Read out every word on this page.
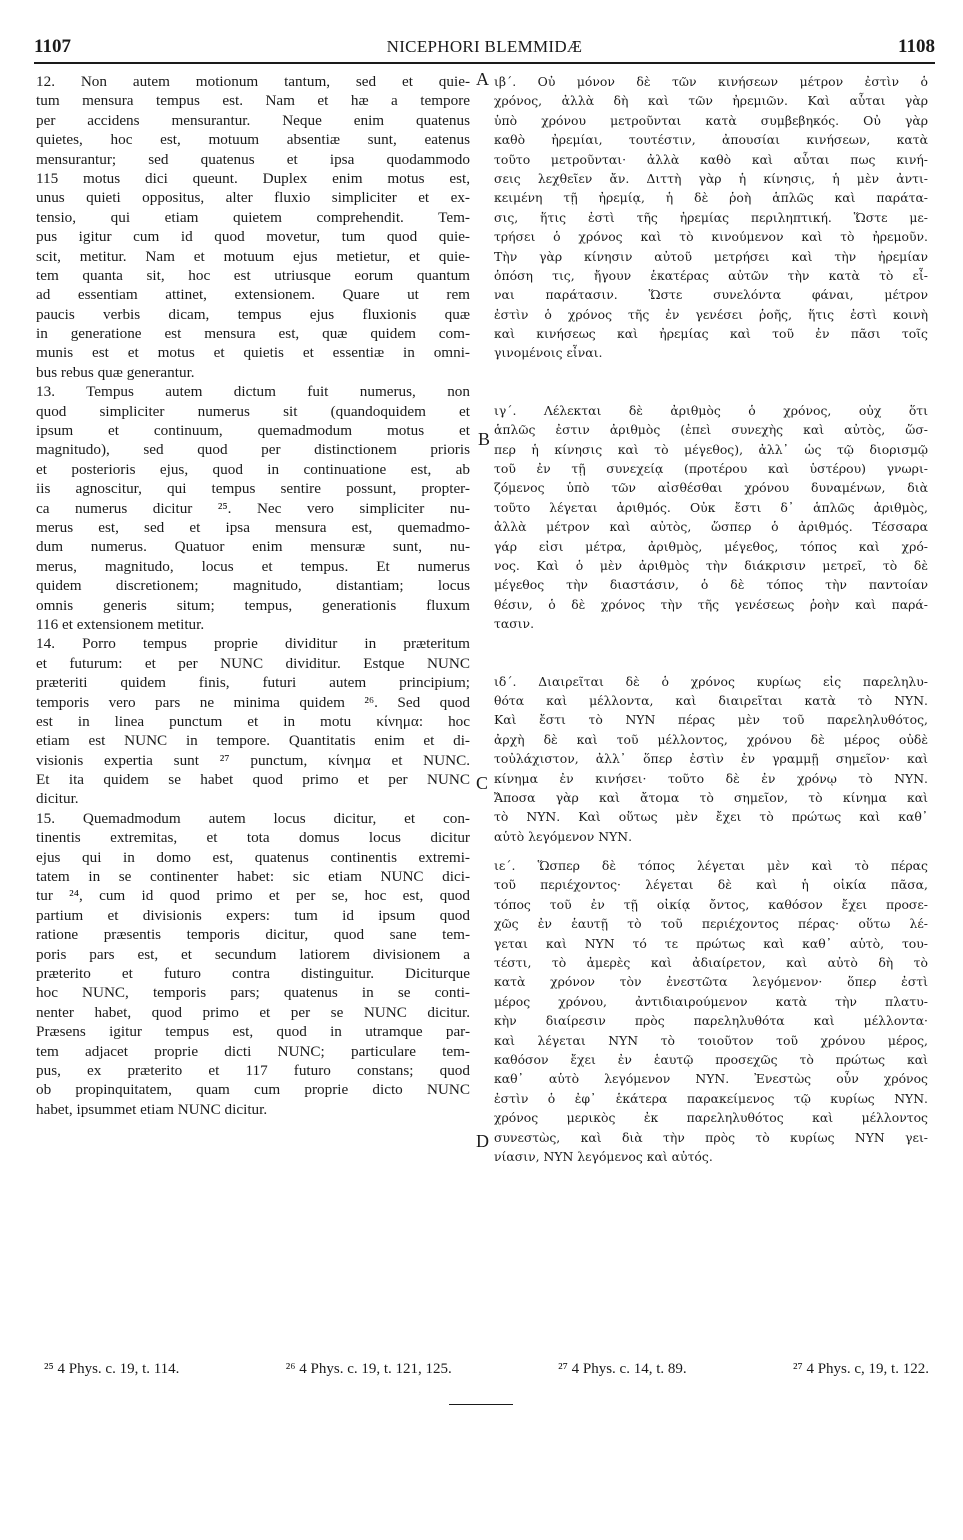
1107	NICEPHORI BLEMMIDÆ	1108
12. Non autem motionum tantum, sed et quie-
tum mensura tempus est. Nam et hæ a tempore
per accidens mensurantur. Neque enim quatenus
quietes, hoc est, motuum absentiæ sunt, eatenus
mensurantur; sed quatenus et ipsa quodammodo
115 motus dici queunt. Duplex enim motus est,
unus quieti oppositus, alter fluxio simpliciter et ex-
tensio, qui etiam quietem comprehendit. Tem-
pus igitur cum id quod movetur, tum quod quie-
scit, metitur. Nam et motuum ejus metietur, et quie-
tem quanta sit, hoc est utriusque eorum quantum
ad essentiam attinet, extensionem. Quare ut rem
paucis verbis dicam, tempus ejus fluxionis quæ
in generatione est mensura est, quæ quidem com-
munis est et motus et quietis et essentiæ in omni-
bus rebus quæ generantur.
13. Tempus autem dictum fuit numerus, non
quod simpliciter numerus sit (quandoquidem et
ipsum et continuum, quemadmodum motus et
magnitudo), sed quod per distinctionem prioris
et posterioris ejus, quod in continuatione est, ab
iis agnoscitur, qui tempus sentire possunt, propter-
ca numerus dicitur ²⁵. Nec vero simpliciter nu-
merus est, sed et ipsa mensura est, quemadmo-
dum numerus. Quatuor enim mensuræ sunt, nu-
merus, magnitudo, locus et tempus. Et numerus
quidem discretionem; magnitudo, distantiam; locus
omnis generis situm; tempus, generationis fluxum
116 et extensionem metitur.
14. Porro tempus proprie dividitur in præteritum
et futurum: et per NUNC dividitur. Estque NUNC
præteriti quidem finis, futuri autem principium;
temporis vero pars ne minima quidem ²⁶. Sed quod
est in linea punctum et in motu κίνημα: hoc
etiam est NUNC in tempore. Quantitatis enim et di-
visionis expertia sunt ²⁷ punctum, κίνημα et NUNC.
Et ita quidem se habet quod primo et per NUNC
dicitur.
15. Quemadmodum autem locus dicitur, et con-
tinentis extremitas, et tota domus locus dicitur
ejus qui in domo est, quatenus continentis extremi-
tatem in se continenter habet: sic etiam NUNC dici-
tur ²⁴, cum id quod primo et per se, hoc est, quod
partium et divisionis expers: tum id ipsum quod
ratione præsentis temporis dicitur, quod sane tem-
poris pars est, et secundum latiorem divisionem a
præterito et futuro contra distinguitur. Diciturque
hoc NUNC, temporis pars; quatenus in se conti-
nenter habet, quod primo et per se NUNC dicitur.
Præsens igitur tempus est, quod in utramque par-
tem adjacet proprie dicti NUNC; particulare tem-
pus, ex præterito et 117 futuro constans; quod
ob propinquitatem, quam cum proprie dicto NUNC
habet, ipsummet etiam NUNC dicitur.
ιβ΄. Οὐ μόνον δὲ τῶν κινήσεων μέτρον ἐστὶν ὁ
χρόνος, ἀλλὰ δὴ καὶ τῶν ἠρεμιῶν. Καὶ αὗται γὰρ
ὑπὸ χρόνου μετροῦνται κατὰ συμβεβηκός. Οὐ γὰρ
καθὸ ἠρεμίαι, τουτέστιν, ἀπουσίαι κινήσεων, κατὰ
τοῦτο μετροῦνται· ἀλλὰ καθὸ καὶ αὗται πως κινή-
σεις λεχθεῖεν ἄν. Διττὴ γὰρ ἡ κίνησις, ἡ μὲν ἀντι-
κειμένη τῇ ἠρεμίᾳ, ἡ δὲ ῥοὴ ἁπλῶς καὶ παράτα-
σις, ἥτις ἐστὶ τῆς ἠρεμίας περιληπτική. Ὥστε με-
τρήσει ὁ χρόνος καὶ τὸ κινούμενον καὶ τὸ ἠρεμοῦν.
Τὴν γὰρ κίνησιν αὐτοῦ μετρήσει καὶ τὴν ἠρεμίαν
ὁπόση τις, ἤγουν ἑκατέρας αὐτῶν τὴν κατὰ τὸ εἶ-
ναι παράτασιν. Ὥστε συνελόντα φάναι, μέτρον
ἐστὶν ὁ χρόνος τῆς ἐν γενέσει ῥοῆς, ἥτις ἐστὶ κοινὴ
καὶ κινήσεως καὶ ἠρεμίας καὶ τοῦ ἐν πᾶσι τοῖς
γινομένοις εἶναι.
ιγ΄. Λέλεκται δὲ ἀριθμὸς ὁ χρόνος, οὐχ ὅτι
ἁπλῶς ἐστιν ἀριθμὸς (ἐπεὶ συνεχὴς καὶ αὐτὸς, ὥσ-
περ ἡ κίνησις καὶ τὸ μέγεθος), ἀλλ᾿ ὡς τῷ διορισμῷ
τοῦ ἐν τῇ συνεχείᾳ (προτέρου καὶ ὑστέρου) γνωρι-
ζόμενος ὑπὸ τῶν αἰσθέσθαι χρόνου δυναμένων, διὰ
τοῦτο λέγεται ἀριθμός. Οὐκ ἔστι δ᾿ ἁπλῶς ἀριθμὸς,
ἀλλὰ μέτρον καὶ αὐτὸς, ὥσπερ ὁ ἀριθμός. Τέσσαρα
γάρ εἰσι μέτρα, ἀριθμὸς, μέγεθος, τόπος καὶ χρό-
νος. Καὶ ὁ μὲν ἀριθμὸς τὴν διάκρισιν μετρεῖ, τὸ δὲ
μέγεθος τὴν διαστάσιν, ὁ δὲ τόπος τὴν παντοίαν
θέσιν, ὁ δὲ χρόνος τὴν τῆς γενέσεως ῥοὴν καὶ παρά-
τασιν.
ιδ΄. Διαιρεῖται δὲ ὁ χρόνος κυρίως εἰς παρεληλυ-
θότα καὶ μέλλοντα, καὶ διαιρεῖται κατὰ τὸ ΝΥΝ.
Καὶ ἔστι τὸ ΝΥΝ πέρας μὲν τοῦ παρεληλυθότος,
ἀρχὴ δὲ καὶ τοῦ μέλλοντος, χρόνου δὲ μέρος οὐδὲ
τοὐλάχιστον, ἀλλ᾿ ὅπερ ἐστὶν ἐν γραμμῇ σημεῖον· καὶ
κίνημα ἐν κινήσει· τοῦτο δὲ ἐν χρόνῳ τὸ ΝΥΝ.
Ἄποσα γὰρ καὶ ἄτομα τὸ σημεῖον, τὸ κίνημα καὶ
τὸ ΝΥΝ. Καὶ οὕτως μὲν ἔχει τὸ πρώτως καὶ καθ᾿
αὑτὸ λεγόμενον ΝΥΝ.
ιε΄. Ὥσπερ δὲ τόπος λέγεται μὲν καὶ τὸ πέρας
τοῦ περιέχοντος· λέγεται δὲ καὶ ἡ οἰκία πᾶσα,
τόπος τοῦ ἐν τῇ οἰκίᾳ ὄντος, καθόσον ἔχει προσε-
χῶς ἐν ἑαυτῇ τὸ τοῦ περιέχοντος πέρας· οὕτω λέ-
γεται καὶ ΝΥΝ τό τε πρώτως καὶ καθ᾿ αὑτὸ, του-
τέστι, τὸ ἀμερὲς καὶ ἀδιαίρετον, καὶ αὐτὸ δὴ τὸ
κατὰ χρόνον τὸν ἐνεστῶτα λεγόμενον· ὅπερ ἐστὶ
μέρος χρόνου, ἀντιδιαιρούμενον κατὰ τὴν πλατυ-
κὴν διαίρεσιν πρὸς παρεληλυθότα καὶ μέλλοντα·
καὶ λέγεται ΝΥΝ τὸ τοιοῦτον τοῦ χρόνου μέρος,
καθόσον ἔχει ἐν ἑαυτῷ προσεχῶς τὸ πρώτως καὶ
καθ᾿ αὑτὸ λεγόμενον ΝΥΝ. Ἐνεστὼς οὖν χρόνος
ἐστὶν ὁ ἐφ᾿ ἑκάτερα παρακείμενος τῷ κυρίως ΝΥΝ.
χρόνος μερικὸς ἐκ παρεληλυθότος καὶ μέλλοντος
συνεστὼς, καὶ διὰ τὴν πρὸς τὸ κυρίως ΝΥΝ γει-
νίασιν, ΝΥΝ λεγόμενος καὶ αὐτός.
A
B
C
D
²⁵ 4 Phys. c. 19, t. 114.	²⁶ 4 Phys. c. 19, t. 121, 125.	²⁷ 4 Phys. c. 14, t. 89.	²⁷ 4 Phys. c, 19, t. 122.
